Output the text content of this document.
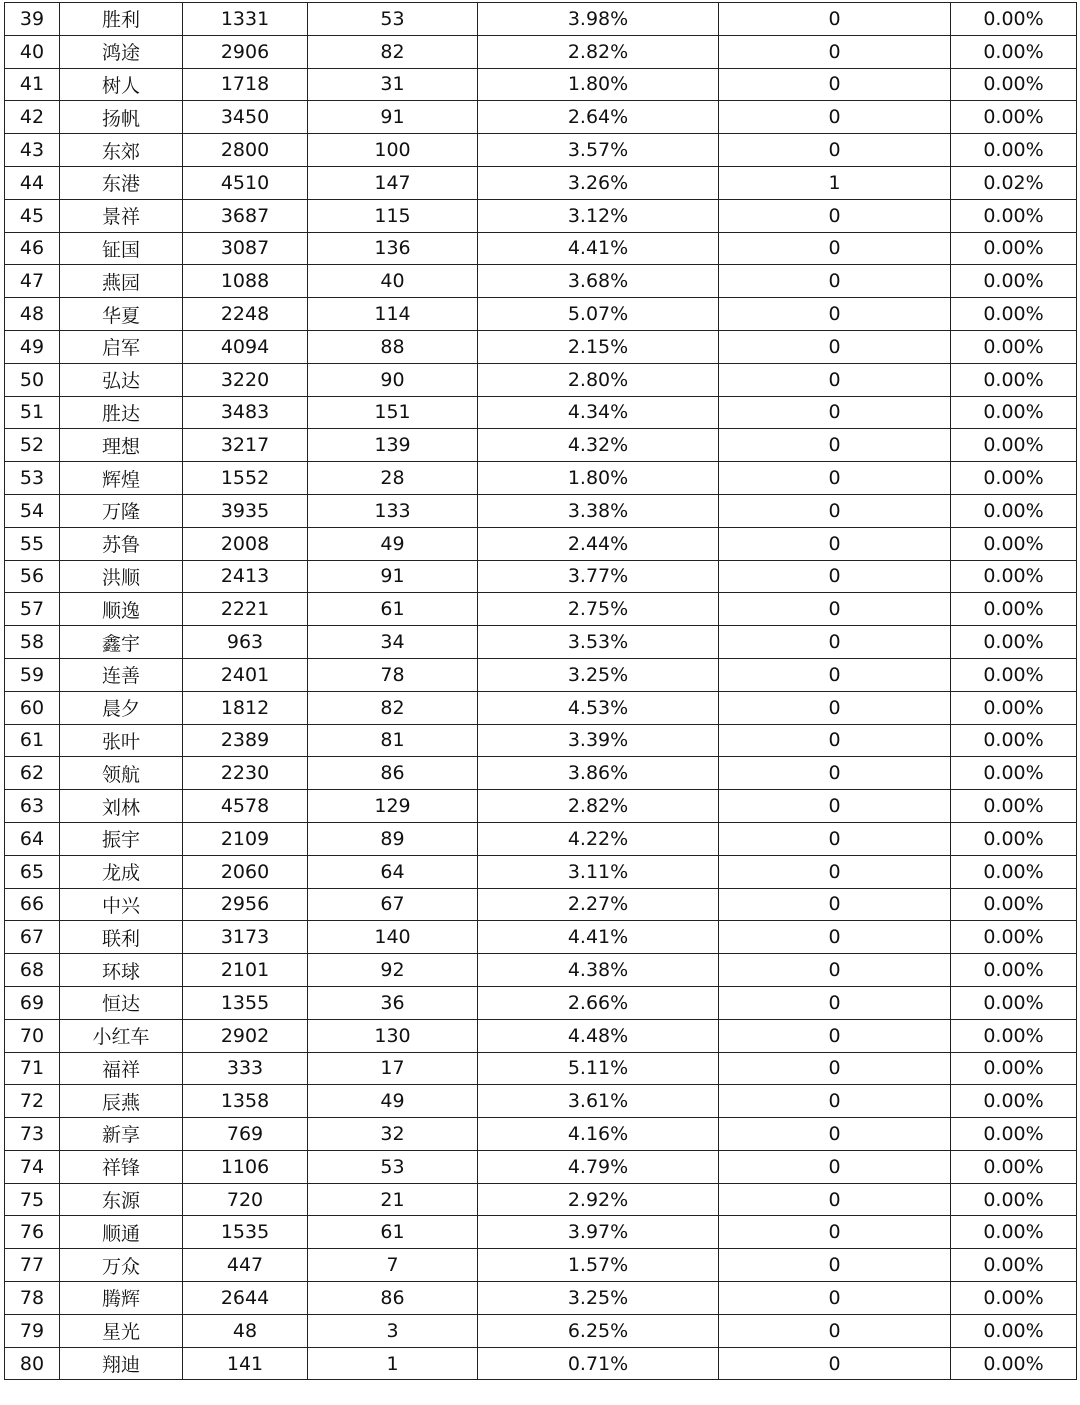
39	胜利	1331	53	3.98%	0	0.00%
40	鸿途	2906	82	2.82%	0	0.00%
41	树人	1718	31	1.80%	0	0.00%
42	扬帆	3450	91	2.64%	0	0.00%
43	东郊	2800	100	3.57%	0	0.00%
44	东港	4510	147	3.26%	1	0.02%
45	景祥	3687	115	3.12%	0	0.00%
46	钲国	3087	136	4.41%	0	0.00%
47	燕园	1088	40	3.68%	0	0.00%
48	华夏	2248	114	5.07%	0	0.00%
49	启军	4094	88	2.15%	0	0.00%
50	弘达	3220	90	2.80%	0	0.00%
51	胜达	3483	151	4.34%	0	0.00%
52	理想	3217	139	4.32%	0	0.00%
53	辉煌	1552	28	1.80%	0	0.00%
54	万隆	3935	133	3.38%	0	0.00%
55	苏鲁	2008	49	2.44%	0	0.00%
56	洪顺	2413	91	3.77%	0	0.00%
57	顺逸	2221	61	2.75%	0	0.00%
58	鑫宇	963	34	3.53%	0	0.00%
59	连善	2401	78	3.25%	0	0.00%
60	晨夕	1812	82	4.53%	0	0.00%
61	张叶	2389	81	3.39%	0	0.00%
62	领航	2230	86	3.86%	0	0.00%
63	刘林	4578	129	2.82%	0	0.00%
64	振宇	2109	89	4.22%	0	0.00%
65	龙成	2060	64	3.11%	0	0.00%
66	中兴	2956	67	2.27%	0	0.00%
67	联利	3173	140	4.41%	0	0.00%
68	环球	2101	92	4.38%	0	0.00%
69	恒达	1355	36	2.66%	0	0.00%
70	小红车	2902	130	4.48%	0	0.00%
71	福祥	333	17	5.11%	0	0.00%
72	辰燕	1358	49	3.61%	0	0.00%
73	新享	769	32	4.16%	0	0.00%
74	祥锋	1106	53	4.79%	0	0.00%
75	东源	720	21	2.92%	0	0.00%
76	顺通	1535	61	3.97%	0	0.00%
77	万众	447	7	1.57%	0	0.00%
78	腾辉	2644	86	3.25%	0	0.00%
79	星光	48	3	6.25%	0	0.00%
80	翔迪	141	1	0.71%	0	0.00%
